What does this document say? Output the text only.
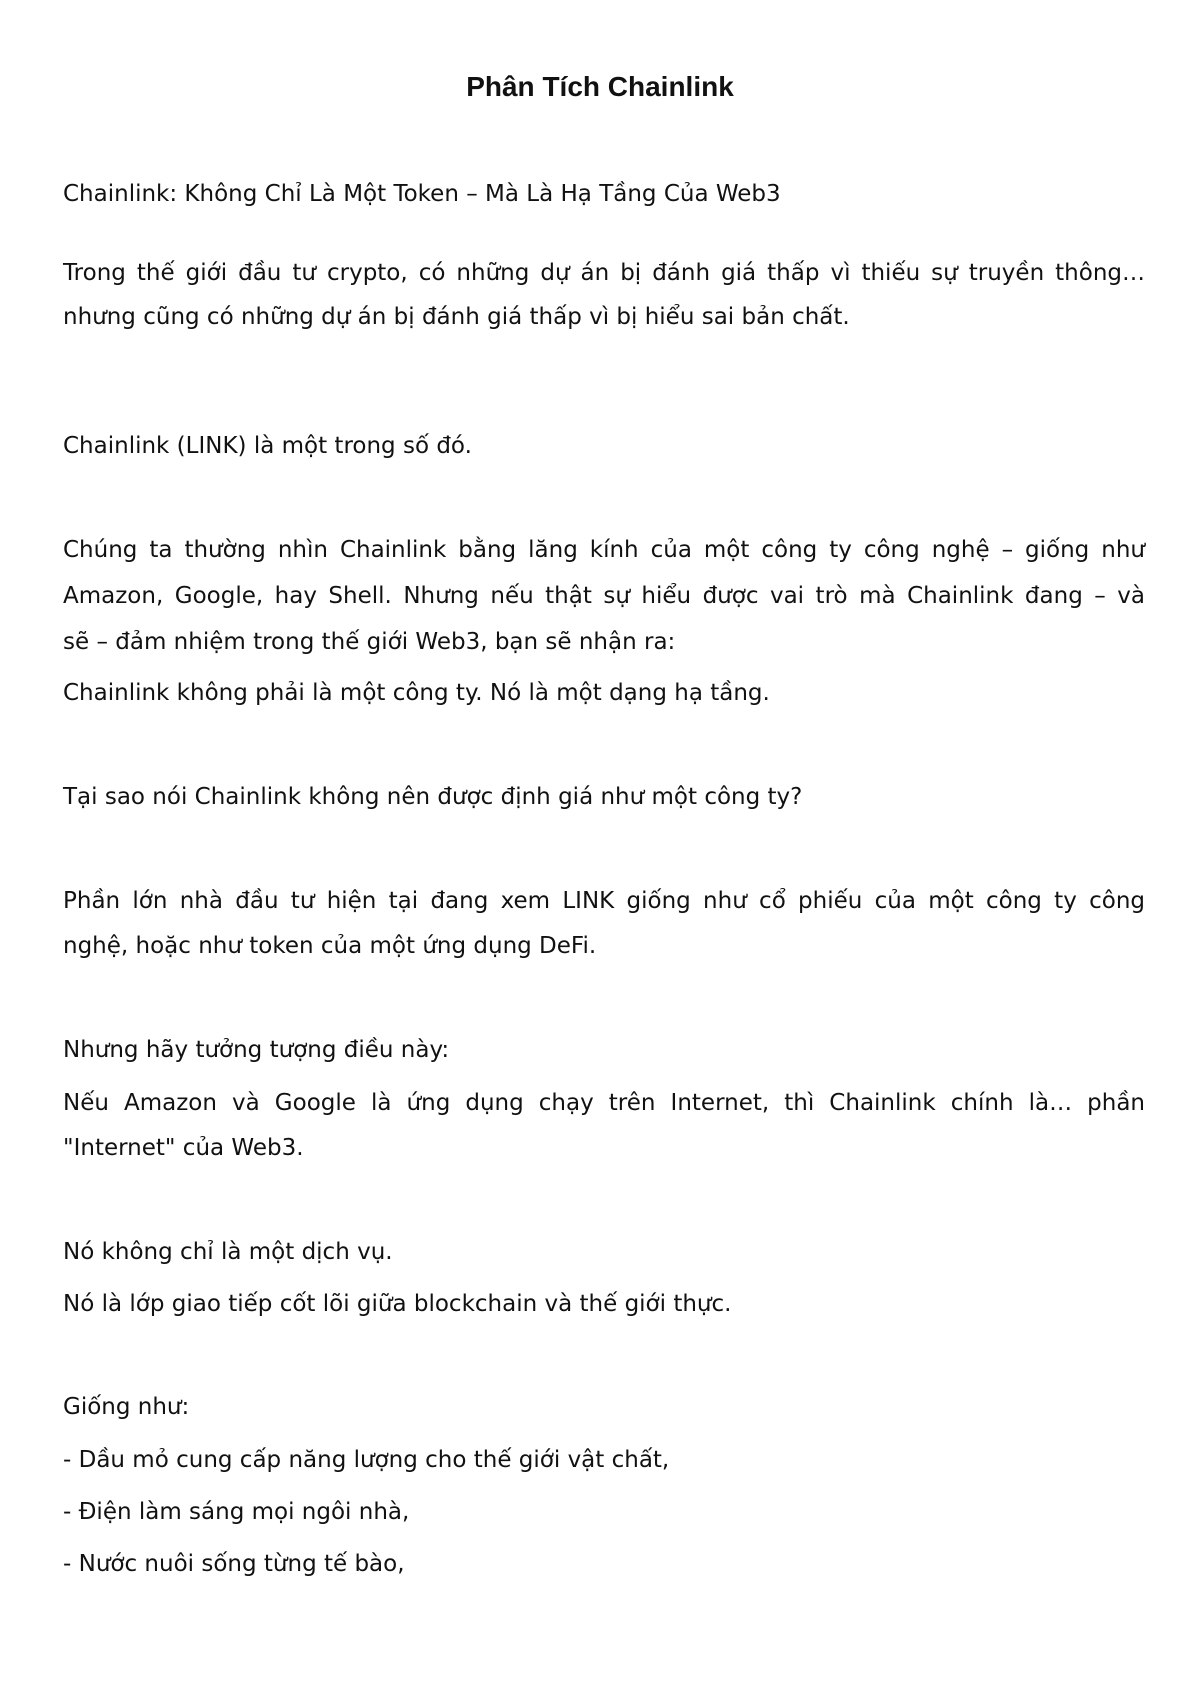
Phân Tích Chainlink
Chainlink: Không Chỉ Là Một Token – Mà Là Hạ Tầng Của Web3
Trong thế giới đầu tư crypto, có những dự án bị đánh giá thấp vì thiếu sự truyền thông…
nhưng cũng có những dự án bị đánh giá thấp vì bị hiểu sai bản chất.
Chainlink (LINK) là một trong số đó.
Chúng ta thường nhìn Chainlink bằng lăng kính của một công ty công nghệ – giống như
Amazon, Google, hay Shell. Nhưng nếu thật sự hiểu được vai trò mà Chainlink đang – và
sẽ – đảm nhiệm trong thế giới Web3, bạn sẽ nhận ra:
Chainlink không phải là một công ty. Nó là một dạng hạ tầng.
Tại sao nói Chainlink không nên được định giá như một công ty?
Phần lớn nhà đầu tư hiện tại đang xem LINK giống như cổ phiếu của một công ty công
nghệ, hoặc như token của một ứng dụng DeFi.
Nhưng hãy tưởng tượng điều này:
Nếu Amazon và Google là ứng dụng chạy trên Internet, thì Chainlink chính là… phần
"Internet" của Web3.
Nó không chỉ là một dịch vụ.
Nó là lớp giao tiếp cốt lõi giữa blockchain và thế giới thực.
Giống như:
- Dầu mỏ cung cấp năng lượng cho thế giới vật chất,
- Điện làm sáng mọi ngôi nhà,
- Nước nuôi sống từng tế bào,
